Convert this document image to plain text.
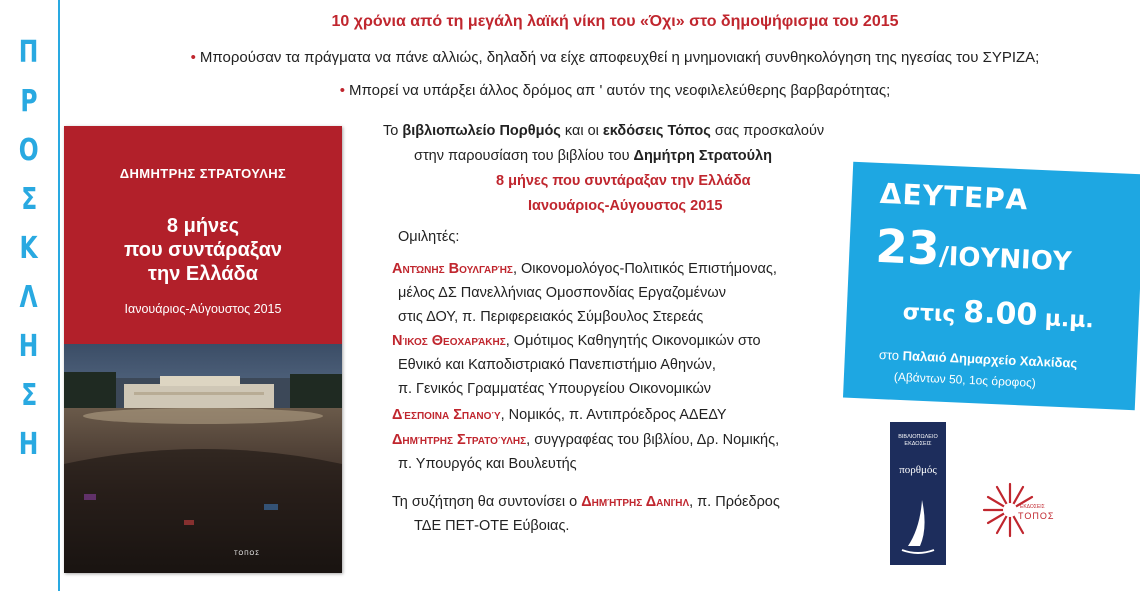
Π
Ρ
Ο
Σ
Κ
Λ
Η
Σ
Η
10 χρόνια από τη μεγάλη λαϊκή νίκη του «Όχι» στο δημοψήφισμα του 2015
• Μπορούσαν τα πράγματα να πάνε αλλιώς, δηλαδή να είχε αποφευχθεί η μνημονιακή συνθηκολόγηση της ηγεσίας του ΣΥΡΙΖΑ;
• Μπορεί να υπάρξει άλλος δρόμος απ ' αυτόν της νεοφιλελεύθερης βαρβαρότητας;
ΔΗΜΗΤΡΗΣ ΣΤΡΑΤΟΥΛΗΣ
8 μήνες
που συντάραξαν
την Ελλάδα
Ιανουάριος-Αύγουστος 2015
ΤΟΠΟΣ
Το βιβλιοπωλείο Πορθμός και οι εκδόσεις Τόπος σας προσκαλούν
στην παρουσίαση του βιβλίου του Δημήτρη Στρατούλη
8 μήνες που συντάραξαν την Ελλάδα
Ιανουάριος-Αύγουστος 2015
Ομιλητές:
Αντώνης Βουλγαρής, Οικονομολόγος-Πολιτικός Επιστήμονας,
μέλος ΔΣ Πανελλήνιας Ομοσπονδίας Εργαζομένων
στις ΔΟΥ, π. Περιφερειακός Σύμβουλος Στερεάς
Νίκος Θεοχαράκης, Ομότιμος Καθηγητής Οικονομικών στο
Εθνικό και Καποδιστριακό Πανεπιστήμιο Αθηνών,
π. Γενικός Γραμματέας Υπουργείου Οικονομικών
Δέσποινα Σπανού, Νομικός, π. Αντιπρόεδρος ΑΔΕΔΥ
Δημήτρης Στρατούλης, συγγραφέας του βιβλίου, Δρ. Νομικής,
π. Υπουργός και Βουλευτής
Τη συζήτηση θα συντονίσει ο Δημήτρης Δανιήλ, π. Πρόεδρος
ΤΔΕ ΠΕΤ-ΟΤΕ Εύβοιας.
ΔΕΥΤΕΡΑ
23/ΙΟΥΝΙΟΥ
στις 8.00 μ.μ.
στο Παλαιό Δημαρχείο Χαλκίδας
(Αβάντων 50, 1ος όροφος)
ΒΙΒΛΙΟΠΩΛΕΙΟ
ΕΚΔΟΣΕΙΣ
πορθμός
ΕΚΔΟΣΕΙΣ
ΤΟΠΟΣ
